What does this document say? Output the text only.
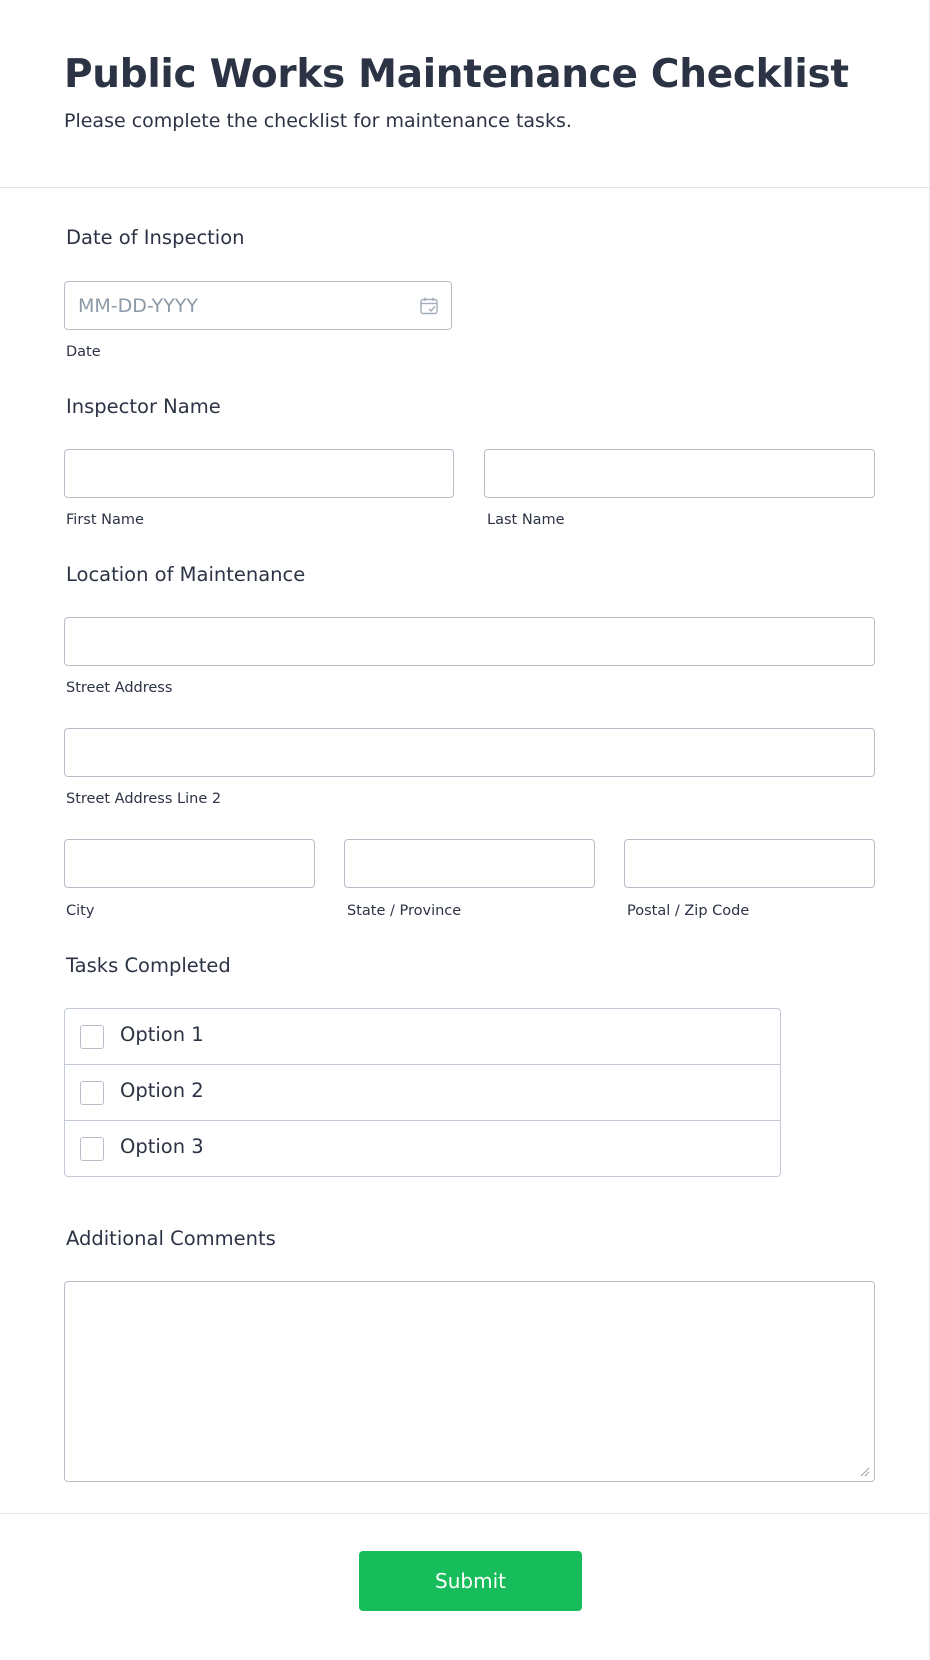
Public Works Maintenance Checklist

Please complete the checklist for maintenance tasks.

Date of Inspection
MM-DD-YYYY
Date
Inspector Name
First Name	Last Name
Location of Maintenance
Street Address
Street Address Line 2
City	State / Province	Postal / Zip Code
Tasks Completed
Option 1
Option 2
Option 3
Additional Comments
Submit
